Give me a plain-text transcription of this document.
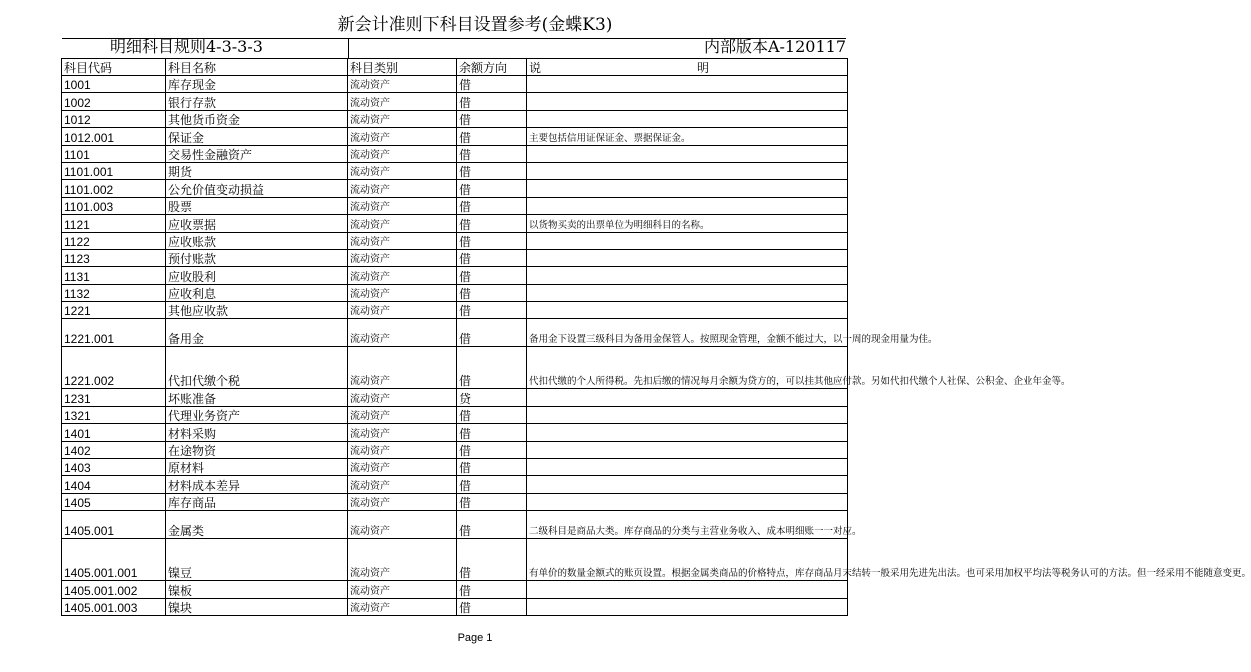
新会计准则下科目设置参考(金蝶K3)
明细科目规则4-3-3-3	内部版本A-120117
科目代码	科目名称	科目类别	余额方向	说　　　　　　　　　　　　　明
1001	库存现金	流动资产	借	
1002	银行存款	流动资产	借	
1012	其他货币资金	流动资产	借	
1012.001	保证金	流动资产	借	主要包括信用证保证金、票据保证金。
1101	交易性金融资产	流动资产	借	
1101.001	期货	流动资产	借	
1101.002	公允价值变动损益	流动资产	借	
1101.003	股票	流动资产	借	
1121	应收票据	流动资产	借	以货物买卖的出票单位为明细科目的名称。
1122	应收账款	流动资产	借	
1123	预付账款	流动资产	借	
1131	应收股利	流动资产	借	
1132	应收利息	流动资产	借	
1221	其他应收款	流动资产	借	
1221.001	备用金	流动资产	借	备用金下设置三级科目为备用金保管人。按照现金管理，金额不能过大，以一周的现金用量为佳。
1221.002	代扣代缴个税	流动资产	借	代扣代缴的个人所得税。先扣后缴的情况每月余额为贷方的，可以挂其他应付款。另如代扣代缴个人社保、公积金、企业年金等。
1231	坏账准备	流动资产	贷	
1321	代理业务资产	流动资产	借	
1401	材料采购	流动资产	借	
1402	在途物资	流动资产	借	
1403	原材料	流动资产	借	
1404	材料成本差异	流动资产	借	
1405	库存商品	流动资产	借	
1405.001	金属类	流动资产	借	二级科目是商品大类。库存商品的分类与主营业务收入、成本明细账一一对应。
1405.001.001	镍豆	流动资产	借	有单价的数量金额式的账页设置。根据金属类商品的价格特点，库存商品月末结转一般采用先进先出法。也可采用加权平均法等税务认可的方法。但一经采用不能随意变更。
1405.001.002	镍板	流动资产	借	
1405.001.003	镍块	流动资产	借	
Page 1
